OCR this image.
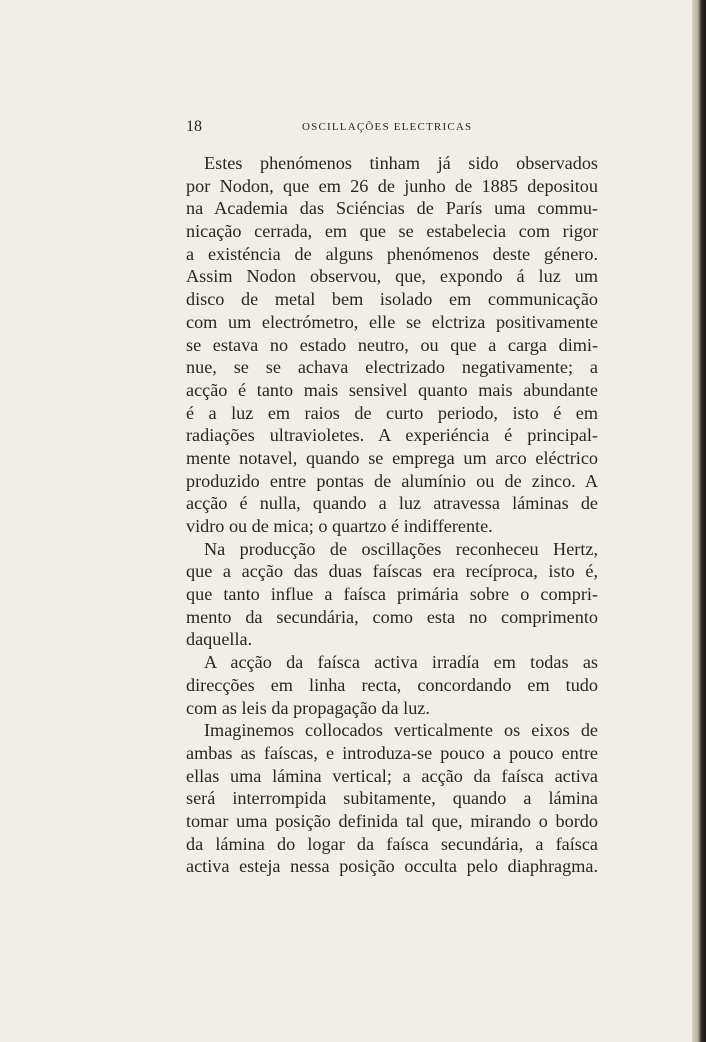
18	OSCILLAÇÕES ELECTRICAS
Estes phenómenos tinham já sido observados
por Nodon, que em 26 de junho de 1885 depositou
na Academia das Sciéncias de París uma commu-
nicação cerrada, em que se estabelecia com rigor
a existéncia de alguns phenómenos deste género.
Assim Nodon observou, que, expondo á luz um
disco de metal bem isolado em communicação
com um electrómetro, elle se elctriza positivamente
se estava no estado neutro, ou que a carga dimi-
nue, se se achava electrizado negativamente; a
acção é tanto mais sensivel quanto mais abundante
é a luz em raios de curto periodo, isto é em
radiações ultravioletes. A experiéncia é principal-
mente notavel, quando se emprega um arco eléctrico
produzido entre pontas de alumínio ou de zinco. A
acção é nulla, quando a luz atravessa láminas de
vidro ou de mica; o quartzo é indifferente.
Na producção de oscillações reconheceu Hertz,
que a acção das duas faíscas era recíproca, isto é,
que tanto influe a faísca primária sobre o compri-
mento da secundária, como esta no comprimento
daquella.
A acção da faísca activa irradía em todas as
direcções em linha recta, concordando em tudo
com as leis da propagação da luz.
Imaginemos collocados verticalmente os eixos de
ambas as faíscas, e introduza-se pouco a pouco entre
ellas uma lámina vertical; a acção da faísca activa
será interrompida subitamente, quando a lámina
tomar uma posição definida tal que, mirando o bordo
da lámina do logar da faísca secundária, a faísca
activa esteja nessa posição occulta pelo diaphragma.
